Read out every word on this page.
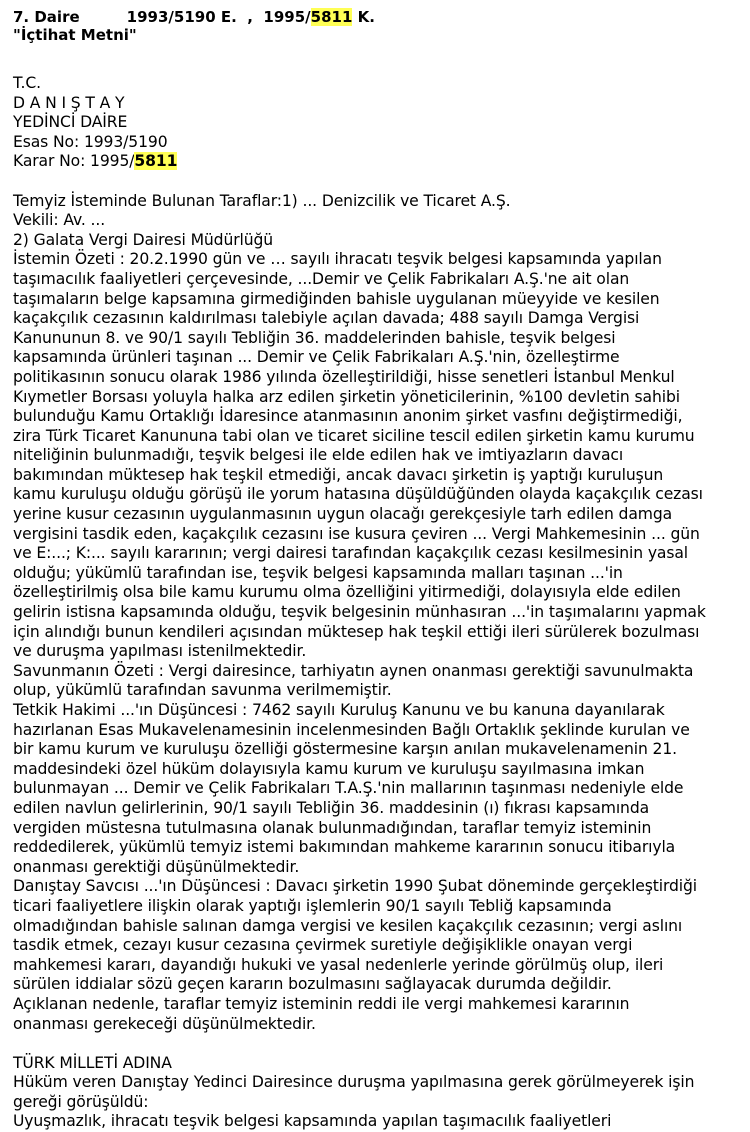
7. Daire	1993/5190 E. , 1995/5811 K.
"İçtihat Metni"
T.C.
D A N I Ş T A Y
YEDİNCİ DAİRE
Esas No: 1993/5190
Karar No: 1995/5811
Temyiz İsteminde Bulunan Taraflar:1) ... Denizcilik ve Ticaret A.Ş.
Vekili: Av. ...
2) Galata Vergi Dairesi Müdürlüğü
İstemin Özeti : 20.2.1990 gün ve … sayılı ihracatı teşvik belgesi kapsamında yapılan
taşımacılık faaliyetleri çerçevesinde, ...Demir ve Çelik Fabrikaları A.Ş.'ne ait olan
taşımaların belge kapsamına girmediğinden bahisle uygulanan müeyyide ve kesilen
kaçakçılık cezasının kaldırılması talebiyle açılan davada; 488 sayılı Damga Vergisi
Kanununun 8. ve 90/1 sayılı Tebliğin 36. maddelerinden bahisle, teşvik belgesi
kapsamında ürünleri taşınan ... Demir ve Çelik Fabrikaları A.Ş.'nin, özelleştirme
politikasının sonucu olarak 1986 yılında özelleştirildiği, hisse senetleri İstanbul Menkul
Kıymetler Borsası yoluyla halka arz edilen şirketin yöneticilerinin, %100 devletin sahibi
bulunduğu Kamu Ortaklığı İdaresince atanmasının anonim şirket vasfını değiştirmediği,
zira Türk Ticaret Kanununa tabi olan ve ticaret siciline tescil edilen şirketin kamu kurumu
niteliğinin bulunmadığı, teşvik belgesi ile elde edilen hak ve imtiyazların davacı
bakımından müktesep hak teşkil etmediği, ancak davacı şirketin iş yaptığı kuruluşun
kamu kuruluşu olduğu görüşü ile yorum hatasına düşüldüğünden olayda kaçakçılık cezası
yerine kusur cezasının uygulanmasının uygun olacağı gerekçesiyle tarh edilen damga
vergisini tasdik eden, kaçakçılık cezasını ise kusura çeviren ... Vergi Mahkemesinin ... gün
ve E:...; K:... sayılı kararının; vergi dairesi tarafından kaçakçılık cezası kesilmesinin yasal
olduğu; yükümlü tarafından ise, teşvik belgesi kapsamında malları taşınan ...'in
özelleştirilmiş olsa bile kamu kurumu olma özelliğini yitirmediği, dolayısıyla elde edilen
gelirin istisna kapsamında olduğu, teşvik belgesinin münhasıran ...'in taşımalarını yapmak
için alındığı bunun kendileri açısından müktesep hak teşkil ettiği ileri sürülerek bozulması
ve duruşma yapılması istenilmektedir.
Savunmanın Özeti : Vergi dairesince, tarhiyatın aynen onanması gerektiği savunulmakta
olup, yükümlü tarafından savunma verilmemiştir.
Tetkik Hakimi ...'ın Düşüncesi : 7462 sayılı Kuruluş Kanunu ve bu kanuna dayanılarak
hazırlanan Esas Mukavelenamesinin incelenmesinden Bağlı Ortaklık şeklinde kurulan ve
bir kamu kurum ve kuruluşu özelliği göstermesine karşın anılan mukavelenamenin 21.
maddesindeki özel hüküm dolayısıyla kamu kurum ve kuruluşu sayılmasına imkan
bulunmayan ... Demir ve Çelik Fabrikaları T.A.Ş.'nin mallarının taşınması nedeniyle elde
edilen navlun gelirlerinin, 90/1 sayılı Tebliğin 36. maddesinin (ı) fıkrası kapsamında
vergiden müstesna tutulmasına olanak bulunmadığından, taraflar temyiz isteminin
reddedilerek, yükümlü temyiz istemi bakımından mahkeme kararının sonucu itibarıyla
onanması gerektiği düşünülmektedir.
Danıştay Savcısı ...'ın Düşüncesi : Davacı şirketin 1990 Şubat döneminde gerçekleştirdiği
ticari faaliyetlere ilişkin olarak yaptığı işlemlerin 90/1 sayılı Tebliğ kapsamında
olmadığından bahisle salınan damga vergisi ve kesilen kaçakçılık cezasının; vergi aslını
tasdik etmek, cezayı kusur cezasına çevirmek suretiyle değişiklikle onayan vergi
mahkemesi kararı, dayandığı hukuki ve yasal nedenlerle yerinde görülmüş olup, ileri
sürülen iddialar sözü geçen kararın bozulmasını sağlayacak durumda değildir.
Açıklanan nedenle, taraflar temyiz isteminin reddi ile vergi mahkemesi kararının
onanması gerekeceği düşünülmektedir.
TÜRK MİLLETİ ADINA
Hüküm veren Danıştay Yedinci Dairesince duruşma yapılmasına gerek görülmeyerek işin
gereği görüşüldü:
Uyuşmazlık, ihracatı teşvik belgesi kapsamında yapılan taşımacılık faaliyetleri
